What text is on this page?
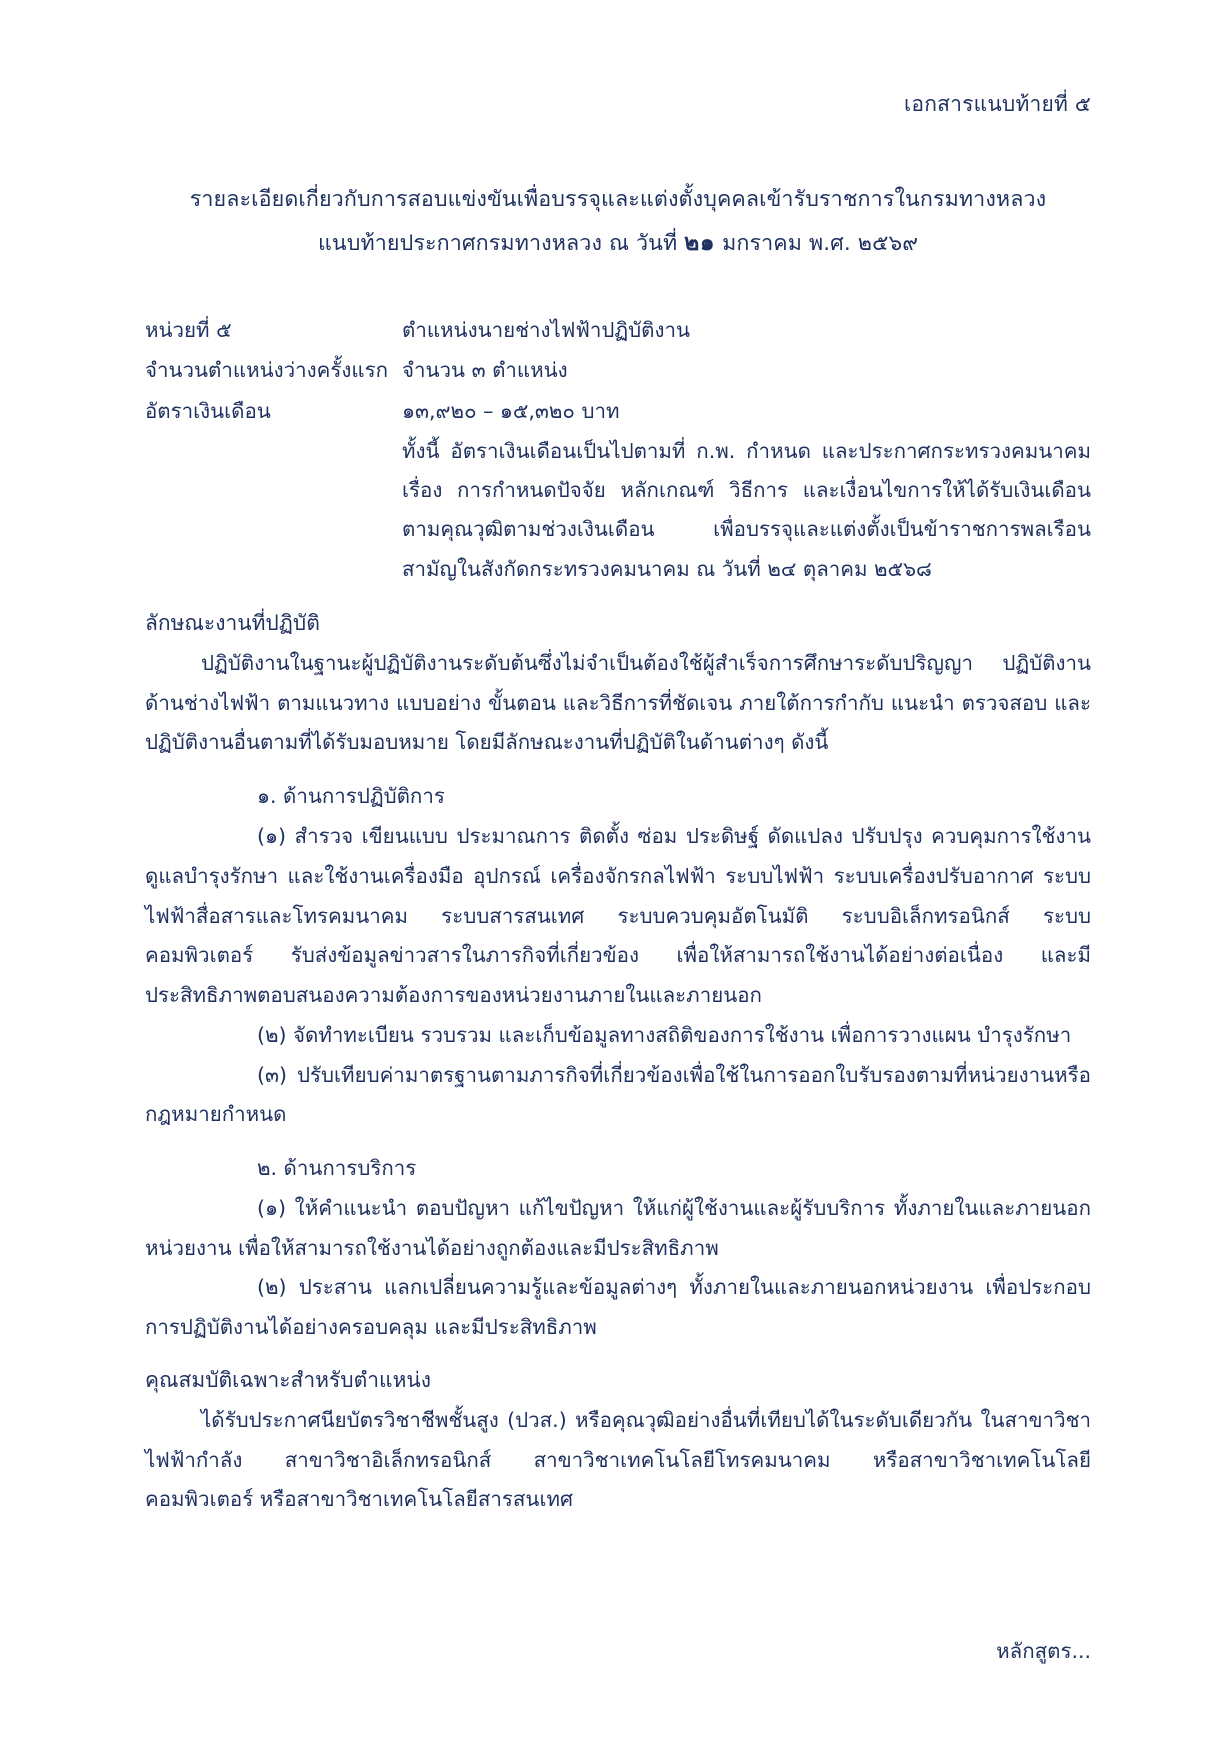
เอกสารแนบท้ายที่ ๕
รายละเอียดเกี่ยวกับการสอบแข่งขันเพื่อบรรจุและแต่งตั้งบุคคลเข้ารับราชการในกรมทางหลวง
แนบท้ายประกาศกรมทางหลวง ณ วันที่ ๒๑ มกราคม พ.ศ. ๒๕๖๙
หน่วยที่ ๕	ตำแหน่งนายช่างไฟฟ้าปฏิบัติงาน
จำนวนตำแหน่งว่างครั้งแรก	จำนวน ๓ ตำแหน่ง
อัตราเงินเดือน	๑๓,๙๒๐ – ๑๕,๓๒๐ บาท

	ทั้งนี้ อัตราเงินเดือนเป็นไปตามที่ ก.พ. กำหนด และประกาศกระทรวงคมนาคม เรื่อง การกำหนดปัจจัย หลักเกณฑ์ วิธีการ และเงื่อนไขการให้ได้รับเงินเดือนตามคุณวุฒิตามช่วงเงินเดือน เพื่อบรรจุและแต่งตั้งเป็นข้าราชการพลเรือนสามัญในสังกัดกระทรวงคมนาคม ณ วันที่ ๒๔ ตุลาคม ๒๕๖๘
ลักษณะงานที่ปฏิบัติ

ปฏิบัติงานในฐานะผู้ปฏิบัติงานระดับต้นซึ่งไม่จำเป็นต้องใช้ผู้สำเร็จการศึกษาระดับปริญญา ปฏิบัติงานด้านช่างไฟฟ้า ตามแนวทาง แบบอย่าง ขั้นตอน และวิธีการที่ชัดเจน ภายใต้การกำกับ แนะนำ ตรวจสอบ และปฏิบัติงานอื่นตามที่ได้รับมอบหมาย โดยมีลักษณะงานที่ปฏิบัติในด้านต่างๆ ดังนี้

๑. ด้านการปฏิบัติการ

(๑) สำรวจ เขียนแบบ ประมาณการ ติดตั้ง ซ่อม ประดิษฐ์ ดัดแปลง ปรับปรุง ควบคุมการใช้งาน ดูแลบำรุงรักษา และใช้งานเครื่องมือ อุปกรณ์ เครื่องจักรกลไฟฟ้า ระบบไฟฟ้า ระบบเครื่องปรับอากาศ ระบบไฟฟ้าสื่อสารและโทรคมนาคม ระบบสารสนเทศ ระบบควบคุมอัตโนมัติ ระบบอิเล็กทรอนิกส์ ระบบคอมพิวเตอร์ รับส่งข้อมูลข่าวสารในภารกิจที่เกี่ยวข้อง เพื่อให้สามารถใช้งานได้อย่างต่อเนื่อง และมีประสิทธิภาพตอบสนองความต้องการของหน่วยงานภายในและภายนอก

(๒) จัดทำทะเบียน รวบรวม และเก็บข้อมูลทางสถิติของการใช้งาน เพื่อการวางแผน บำรุงรักษา

(๓) ปรับเทียบค่ามาตรฐานตามภารกิจที่เกี่ยวข้องเพื่อใช้ในการออกใบรับรองตามที่หน่วยงานหรือกฎหมายกำหนด

๒. ด้านการบริการ

(๑) ให้คำแนะนำ ตอบปัญหา แก้ไขปัญหา ให้แก่ผู้ใช้งานและผู้รับบริการ ทั้งภายในและภายนอกหน่วยงาน เพื่อให้สามารถใช้งานได้อย่างถูกต้องและมีประสิทธิภาพ

(๒) ประสาน แลกเปลี่ยนความรู้และข้อมูลต่างๆ ทั้งภายในและภายนอกหน่วยงาน เพื่อประกอบการปฏิบัติงานได้อย่างครอบคลุม และมีประสิทธิภาพ

คุณสมบัติเฉพาะสำหรับตำแหน่ง

ได้รับประกาศนียบัตรวิชาชีพชั้นสูง (ปวส.) หรือคุณวุฒิอย่างอื่นที่เทียบได้ในระดับเดียวกัน ในสาขาวิชาไฟฟ้ากำลัง สาขาวิชาอิเล็กทรอนิกส์ สาขาวิชาเทคโนโลยีโทรคมนาคม หรือสาขาวิชาเทคโนโลยีคอมพิวเตอร์ หรือสาขาวิชาเทคโนโลยีสารสนเทศ

หลักสูตร...
